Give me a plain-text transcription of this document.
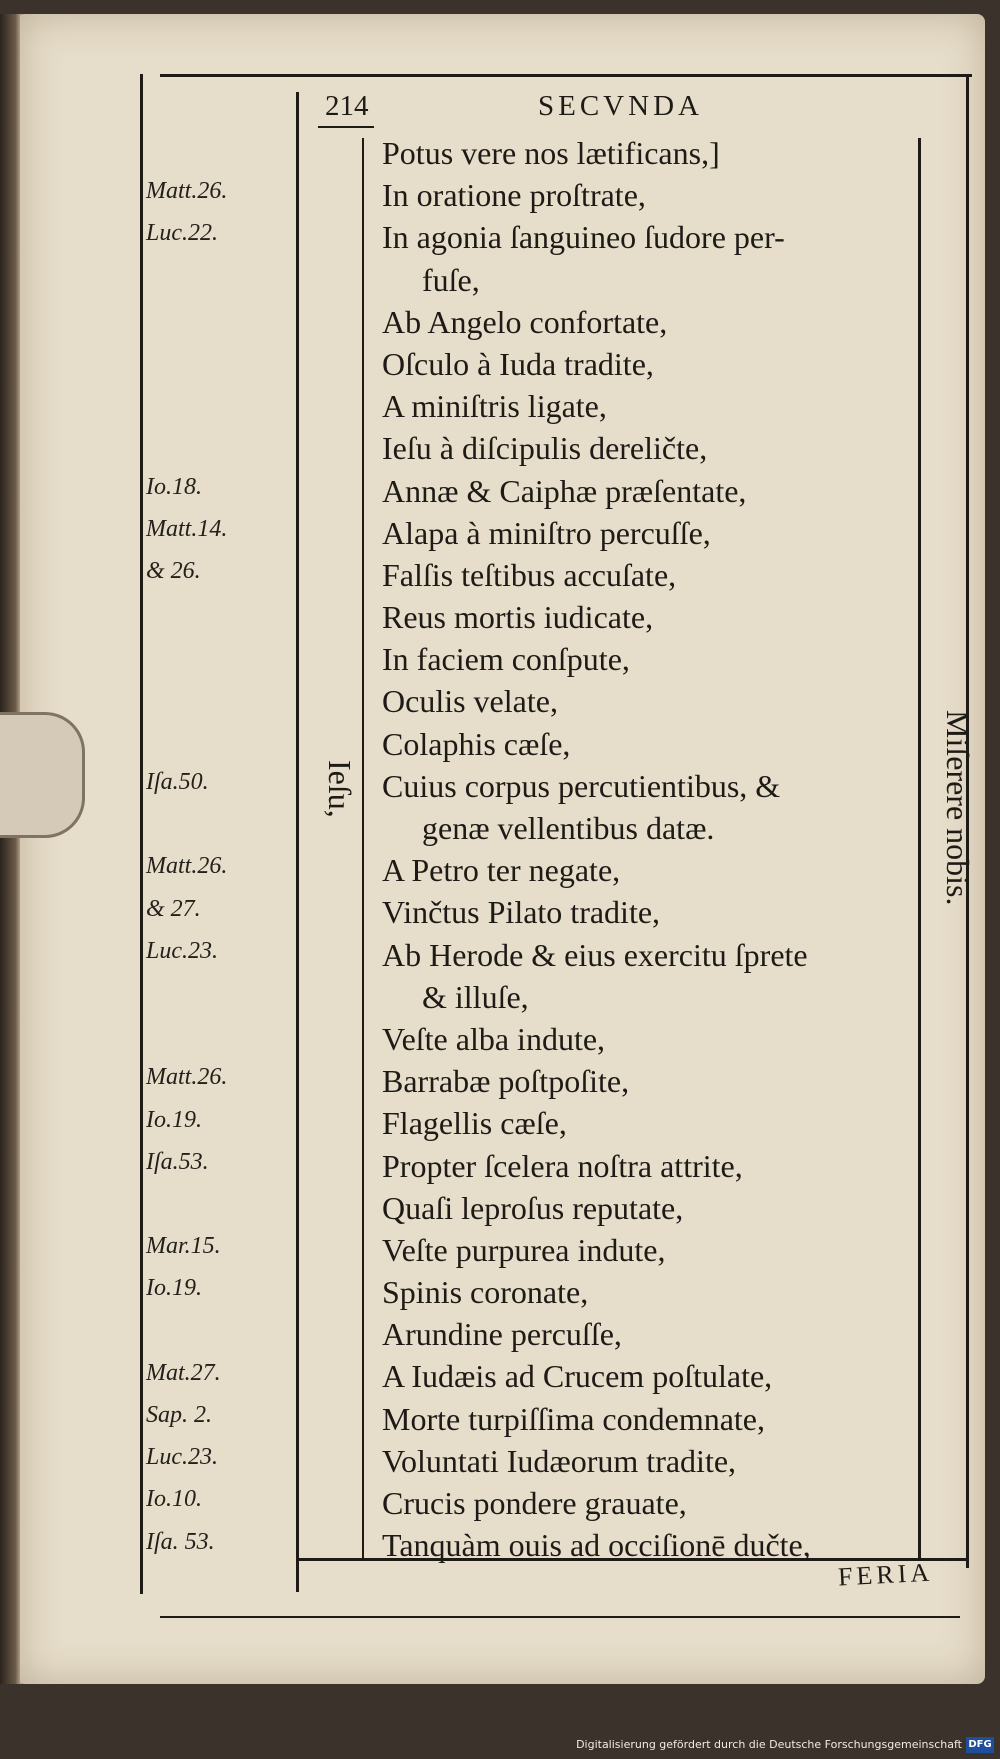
214	SECVNDA
Matt.26.
Luc.22.
Io.18.
Matt.14.
& 26.
Iſa.50.
Matt.26.
& 27.
Luc.23.
Matt.26.
Io.19.
Iſa.53.
Mar.15.
Io.19.
Mat.27.
Sap. 2.
Luc.23.
Io.10.
Iſa. 53.
Potus vere nos lætificans,]
In oratione proſtrate,
In agonia ſanguineo ſudore per-
fuſe,
Ab Angelo confortate,
Oſculo à Iuda tradite,
A miniſtris ligate,
Ieſu à diſcipulis dereličte,
Annæ & Caiphæ præſentate,
Alapa à miniſtro percuſſe,
Falſis teſtibus accuſate,
Reus mortis iudicate,
In faciem conſpute,
Oculis velate,
Colaphis cæſe,
Cuius corpus percutientibus, &
genæ vellentibus datæ.
A Petro ter negate,
Vinčtus Pilato tradite,
Ab Herode & eius exercitu ſprete
& illuſe,
Veſte alba indute,
Barrabæ poſtpoſite,
Flagellis cæſe,
Propter ſcelera noſtra attrite,
Quaſi leproſus reputate,
Veſte purpurea indute,
Spinis coronate,
Arundine percuſſe,
A Iudæis ad Crucem poſtulate,
Morte turpiſſima condemnate,
Voluntati Iudæorum tradite,
Crucis pondere grauate,
Tanquàm ouis ad occiſionē dučte,
Ieſu,	Miſerere nobis.
FERIA
Digitalisierung gefördert durch die Deutsche Forschungsgemeinschaft DFG
